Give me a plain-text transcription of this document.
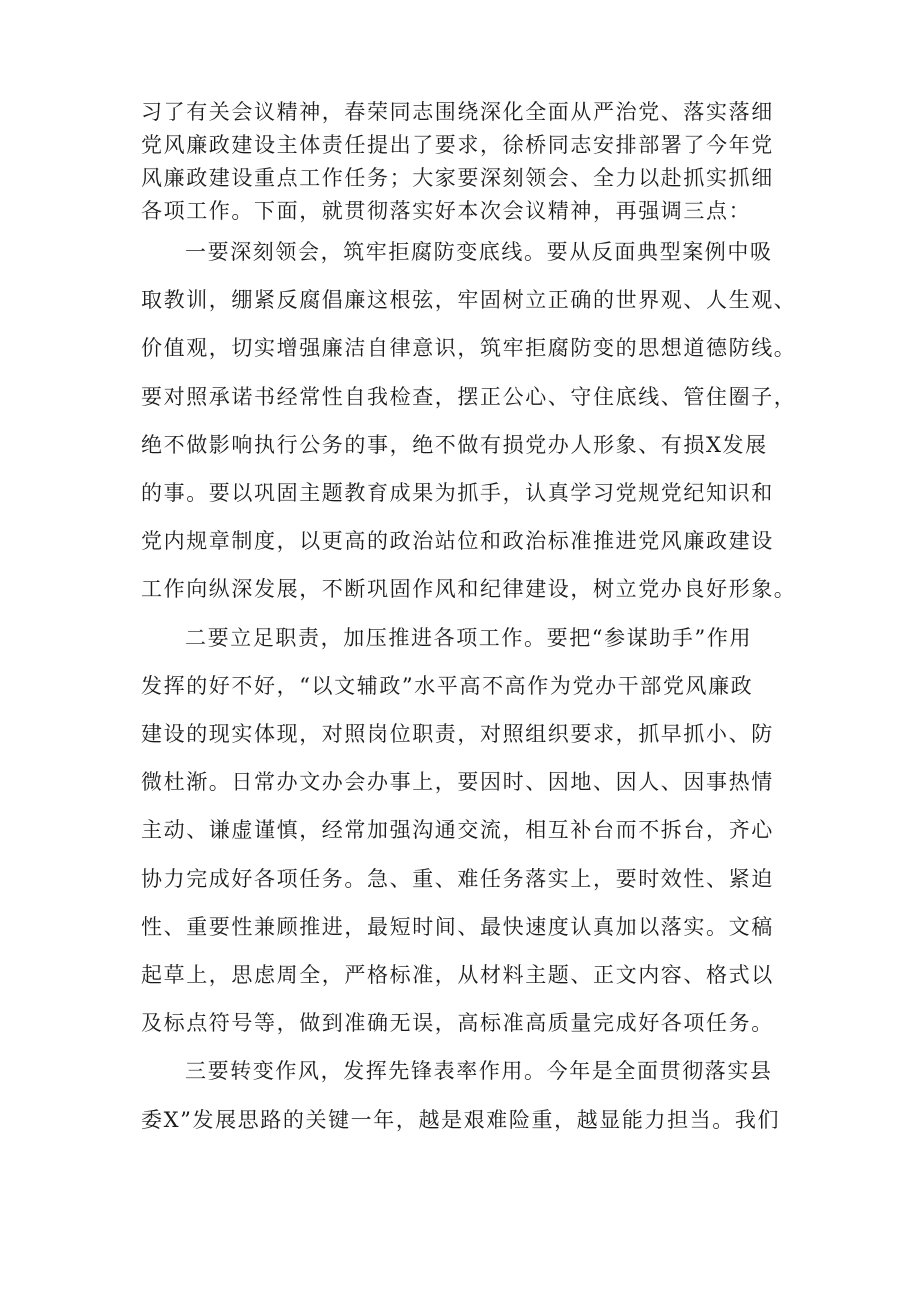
习了有关会议精神，春荣同志围绕深化全面从严治党、落实落细
党风廉政建设主体责任提出了要求，徐桥同志安排部署了今年党
风廉政建设重点工作任务；大家要深刻领会、全力以赴抓实抓细
各项工作。下面，就贯彻落实好本次会议精神，再强调三点：

一要深刻领会，筑牢拒腐防变底线。要从反面典型案例中吸
取教训，绷紧反腐倡廉这根弦，牢固树立正确的世界观、人生观、
价值观，切实增强廉洁自律意识，筑牢拒腐防变的思想道德防线。
要对照承诺书经常性自我检查，摆正公心、守住底线、管住圈子，
绝不做影响执行公务的事，绝不做有损党办人形象、有损X发展
的事。要以巩固主题教育成果为抓手，认真学习党规党纪知识和
党内规章制度，以更高的政治站位和政治标准推进党风廉政建设
工作向纵深发展，不断巩固作风和纪律建设，树立党办良好形象。

二要立足职责，加压推进各项工作。要把“参谋助手”作用
发挥的好不好，“以文辅政”水平高不高作为党办干部党风廉政
建设的现实体现，对照岗位职责，对照组织要求，抓早抓小、防
微杜渐。日常办文办会办事上，要因时、因地、因人、因事热情
主动、谦虚谨慎，经常加强沟通交流，相互补台而不拆台，齐心
协力完成好各项任务。急、重、难任务落实上，要时效性、紧迫
性、重要性兼顾推进，最短时间、最快速度认真加以落实。文稿
起草上，思虑周全，严格标准，从材料主题、正文内容、格式以
及标点符号等，做到准确无误，高标准高质量完成好各项任务。

三要转变作风，发挥先锋表率作用。今年是全面贯彻落实县
委X”发展思路的关键一年，越是艰难险重，越显能力担当。我们
